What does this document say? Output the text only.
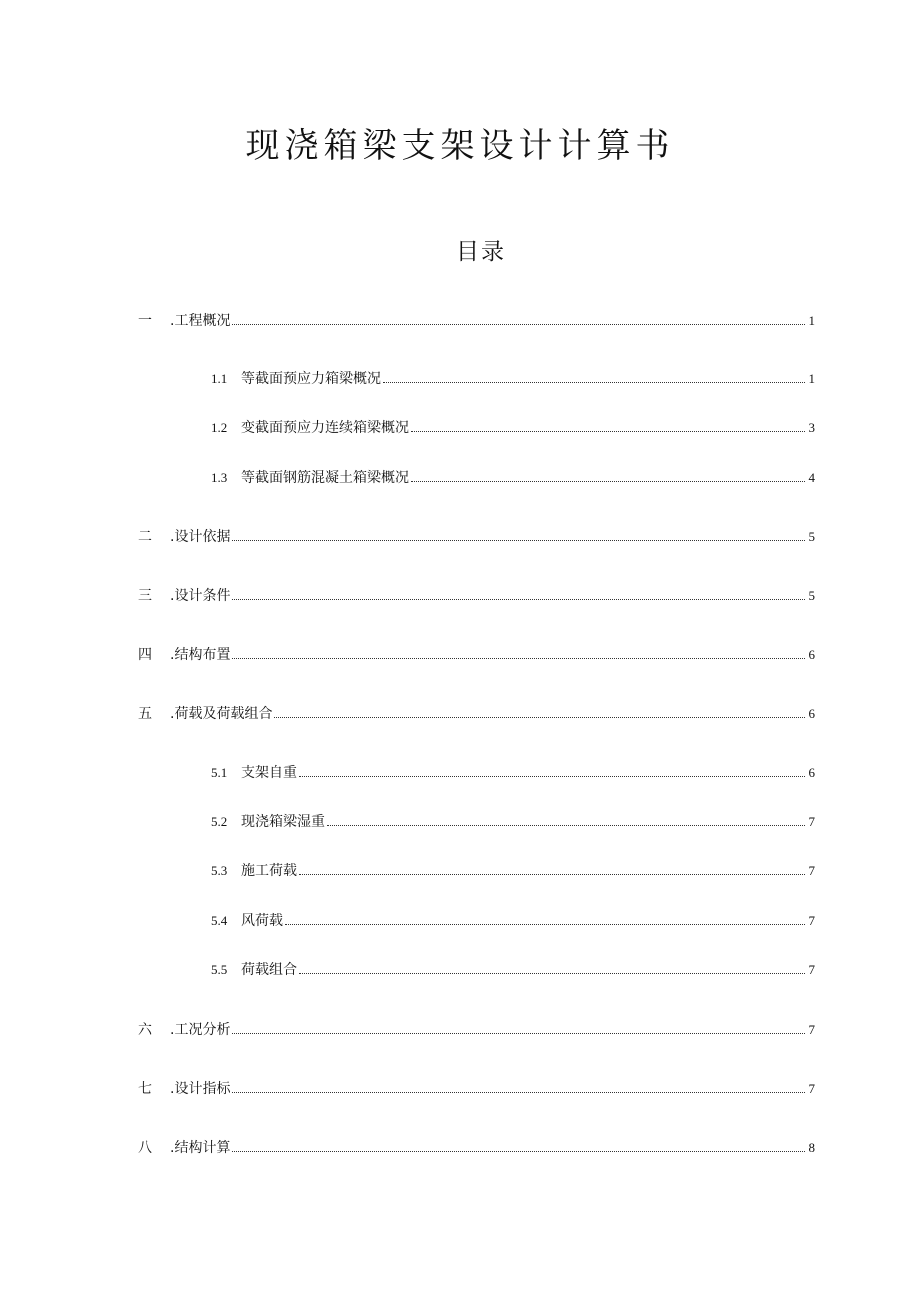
现浇箱梁支架设计计算书
目录
一	.工程概况	1
1.1 等截面预应力箱梁概况	1
1.2 变截面预应力连续箱梁概况	3
1.3 等截面钢筋混凝土箱梁概况	4
二	.设计依据	5
三	.设计条件	5
四	.结构布置	6
五	.荷载及荷载组合	6
5.1 支架自重	6
5.2 现浇箱梁湿重	7
5.3 施工荷载	7
5.4 风荷载	7
5.5 荷载组合	7
六	.工况分析	7
七	.设计指标	7
八	.结构计算	8
